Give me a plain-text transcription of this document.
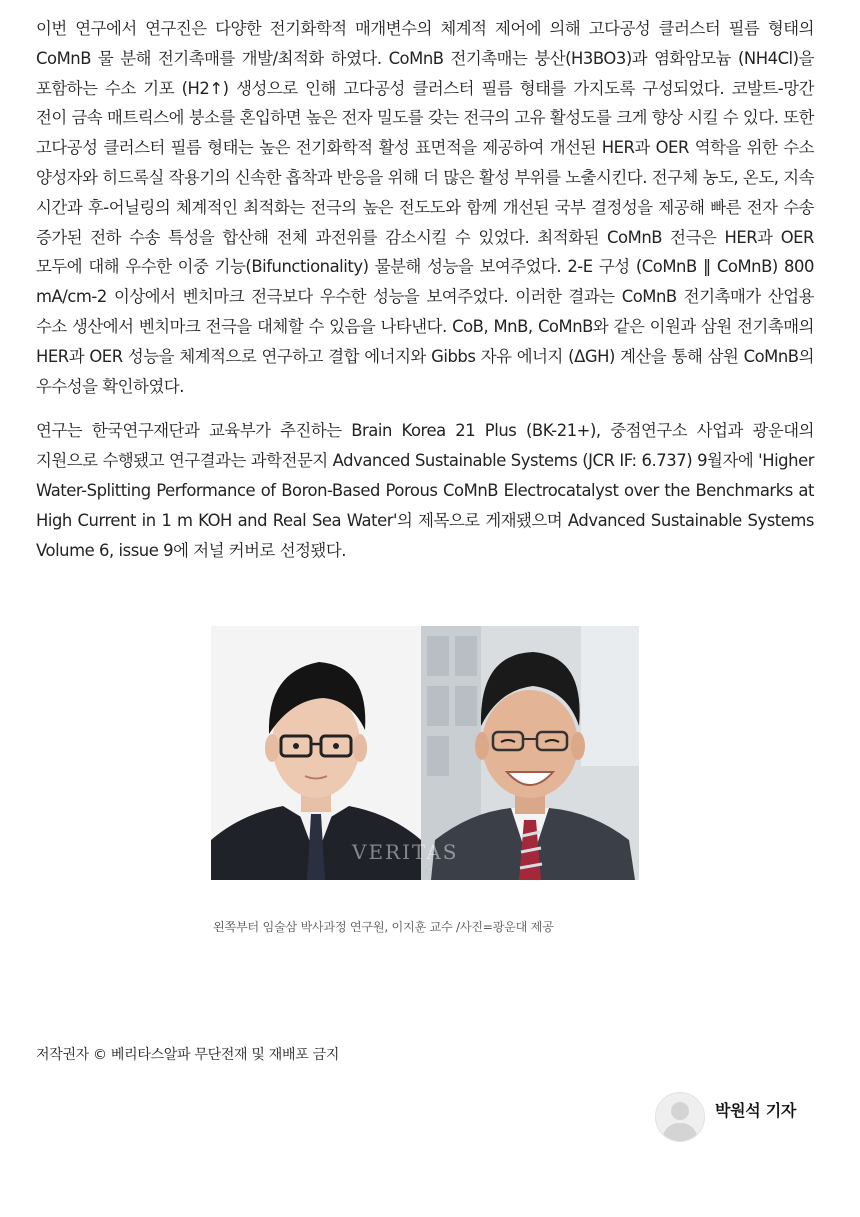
이번 연구에서 연구진은 다양한 전기화학적 매개변수의 체계적 제어에 의해 고다공성 클러스터 필름 형태의 CoMnB 물 분해 전기촉매를 개발/최적화 하였다. CoMnB 전기촉매는 붕산(H3BO3)과 염화암모늄 (NH4Cl)을 포함하는 수소 기포 (H2↑) 생성으로 인해 고다공성 클러스터 필름 형태를 가지도록 구성되었다. 코발트-망간 전이 금속 매트릭스에 붕소를 혼입하면 높은 전자 밀도를 갖는 전극의 고유 활성도를 크게 향상 시킬 수 있다. 또한 고다공성 클러스터 필름 형태는 높은 전기화학적 활성 표면적을 제공하여 개선된 HER과 OER 역학을 위한 수소 양성자와 히드록실 작용기의 신속한 흡착과 반응을 위해 더 많은 활성 부위를 노출시킨다. 전구체 농도, 온도, 지속 시간과 후-어닐링의 체계적인 최적화는 전극의 높은 전도도와 함께 개선된 국부 결정성을 제공해 빠른 전자 수송 증가된 전하 수송 특성을 합산해 전체 과전위를 감소시킬 수 있었다. 최적화된 CoMnB 전극은 HER과 OER 모두에 대해 우수한 이중 기능(Bifunctionality) 물분해 성능을 보여주었다. 2-E 구성 (CoMnB ‖ CoMnB) 800 mA/cm-2 이상에서 벤치마크 전극보다 우수한 성능을 보여주었다. 이러한 결과는 CoMnB 전기촉매가 산업용 수소 생산에서 벤치마크 전극을 대체할 수 있음을 나타낸다. CoB, MnB, CoMnB와 같은 이원과 삼원 전기촉매의 HER과 OER 성능을 체계적으로 연구하고 결합 에너지와 Gibbs 자유 에너지 (ΔGH) 계산을 통해 삼원 CoMnB의 우수성을 확인하였다.

연구는 한국연구재단과 교육부가 추진하는 Brain Korea 21 Plus (BK-21+), 중점연구소 사업과 광운대의 지원으로 수행됐고 연구결과는 과학전문지 Advanced Sustainable Systems (JCR IF: 6.737) 9월자에 'Higher Water-Splitting Performance of Boron-Based Porous CoMnB Electrocatalyst over the Benchmarks at High Current in 1 m KOH and Real Sea Water'의 제목으로 게재됐으며 Advanced Sustainable Systems Volume 6, issue 9에 저널 커버로 선정됐다.

VERITAS
왼쪽부터 임술삼 박사과정 연구원, 이지훈 교수 /사진=광운대 제공
저작권자 © 베리타스알파 무단전재 및 재배포 금지
박원석 기자
